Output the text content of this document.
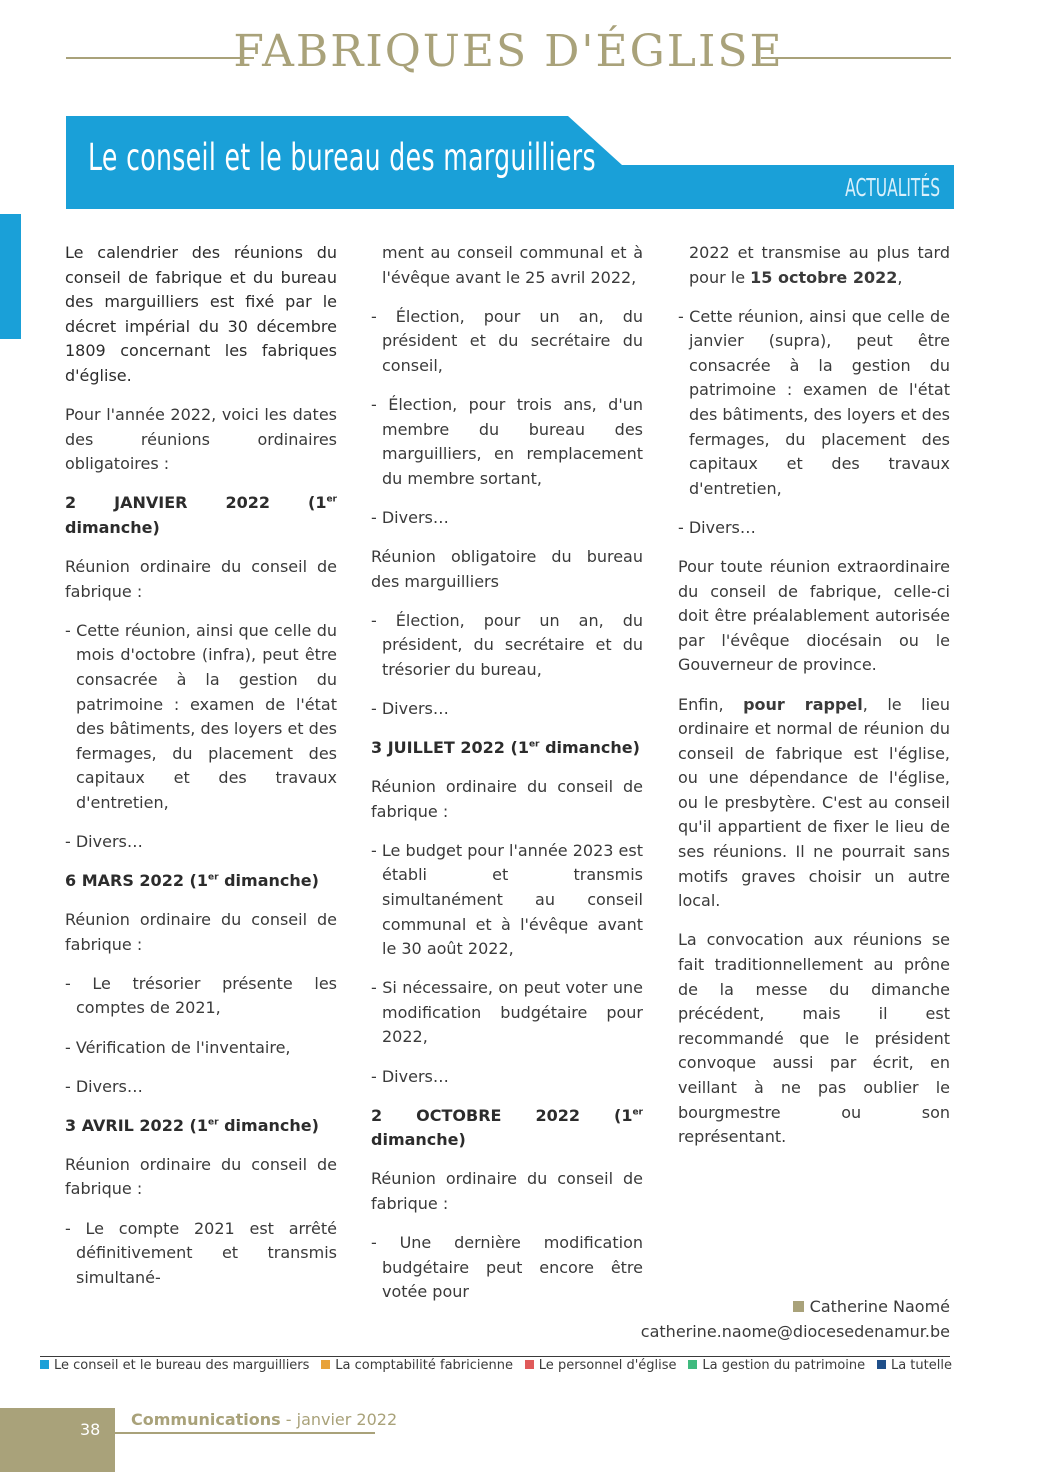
FABRIQUES D'ÉGLISE
Le conseil et le bureau des marguilliers
ACTUALITÉS

Le calendrier des réunions du conseil de fabrique et du bureau des marguilliers est fixé par le décret impérial du 30 décembre 1809 concernant les fabriques d'église.

Pour l'année 2022, voici les dates des réunions ordinaires obligatoires :

2 JANVIER 2022 (1er dimanche)

Réunion ordinaire du conseil de fabrique :

- Cette réunion, ainsi que celle du mois d'octobre (infra), peut être consacrée à la gestion du patrimoine : examen de l'état des bâtiments, des loyers et des fermages, du placement des capitaux et des travaux d'entretien,

- Divers…

6 MARS 2022 (1er dimanche)

Réunion ordinaire du conseil de fabrique :

- Le trésorier présente les comptes de 2021,

- Vérification de l'inventaire,

- Divers…

3 AVRIL 2022 (1er dimanche)

Réunion ordinaire du conseil de fabrique :

- Le compte 2021 est arrêté définitivement et transmis simultané-

ment au conseil communal et à l'évêque avant le 25 avril 2022,

- Élection, pour un an, du président et du secrétaire du conseil,

- Élection, pour trois ans, d'un membre du bureau des marguilliers, en remplacement du membre sortant,

- Divers…

Réunion obligatoire du bureau des marguilliers

- Élection, pour un an, du président, du secrétaire et du trésorier du bureau,

- Divers…

3 JUILLET 2022 (1er dimanche)

Réunion ordinaire du conseil de fabrique :

- Le budget pour l'année 2023 est établi et transmis simultanément au conseil communal et à l'évêque avant le 30 août 2022,

- Si nécessaire, on peut voter une modification budgétaire pour 2022,

- Divers…

2 OCTOBRE 2022 (1er dimanche)

Réunion ordinaire du conseil de fabrique :

- Une dernière modification budgétaire peut encore être votée pour

2022 et transmise au plus tard pour le 15 octobre 2022,

- Cette réunion, ainsi que celle de janvier (supra), peut être consacrée à la gestion du patrimoine : examen de l'état des bâtiments, des loyers et des fermages, du placement des capitaux et des travaux d'entretien,

- Divers…

Pour toute réunion extraordinaire du conseil de fabrique, celle-ci doit être préalablement autorisée par l'évêque diocésain ou le Gouverneur de province.

Enfin, pour rappel, le lieu ordinaire et normal de réunion du conseil de fabrique est l'église, ou une dépendance de l'église, ou le presbytère. C'est au conseil qu'il appartient de fixer le lieu de ses réunions. Il ne pourrait sans motifs graves choisir un autre local.

La convocation aux réunions se fait traditionnellement au prône de la messe du dimanche précédent, mais il est recommandé que le président convoque aussi par écrit, en veillant à ne pas oublier le bourgmestre ou son représentant.

Catherine Naomé
catherine.naome@diocesedenamur.be
Le conseil et le bureau des marguilliers	La comptabilité fabricienne	Le personnel d'église	La gestion du patrimoine	La tutelle
38
Communications - janvier 2022
